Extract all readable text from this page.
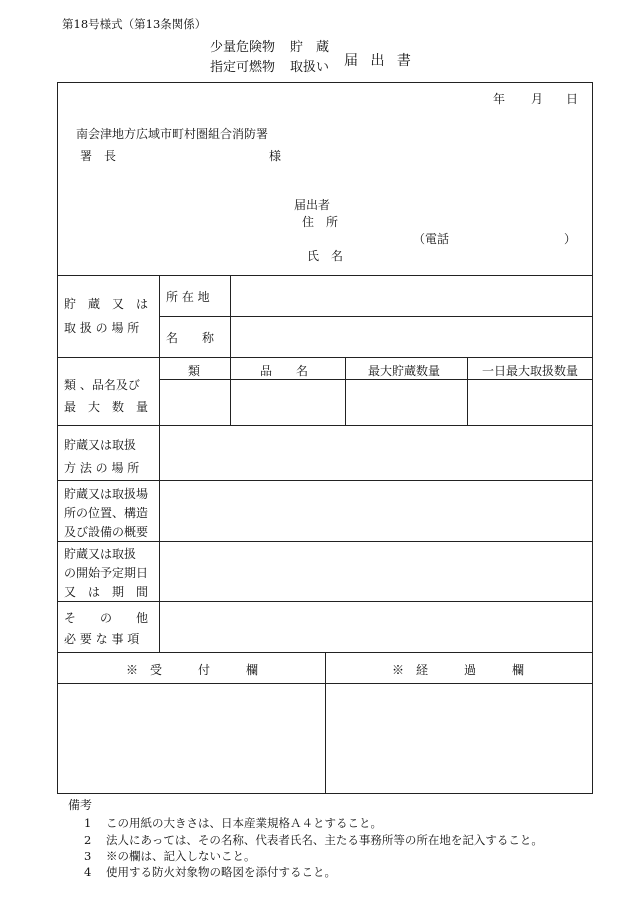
第18号様式（第13条関係）
少量危険物	貯　蔵
指定可燃物	取扱い	届 出 書
年 月 日
南会津地方広域市町村圏組合消防署
署　長	様
届出者
住　所
（電話	）
氏　名
貯　蔵　又　は
取 扱 の 場 所
所 在 地
名　　称
類 、品名及び
最　大　数　量
類	品　　名	最大貯蔵数量	一日最大取扱数量
貯蔵又は取扱
方 法 の 場 所
貯蔵又は取扱場
所の位置、構造
及び設備の概要
貯蔵又は取扱
の開始予定期日
又　は　期　間
そ　　の　　他
必 要 な 事 項
※　受　　　付　　　欄	※　経　　　過　　　欄
備考
1 この用紙の大きさは、日本産業規格Ａ４とすること。
2 法人にあっては、その名称、代表者氏名、主たる事務所等の所在地を記入すること。
3 ※の欄は、記入しないこと。
4 使用する防火対象物の略図を添付すること。
